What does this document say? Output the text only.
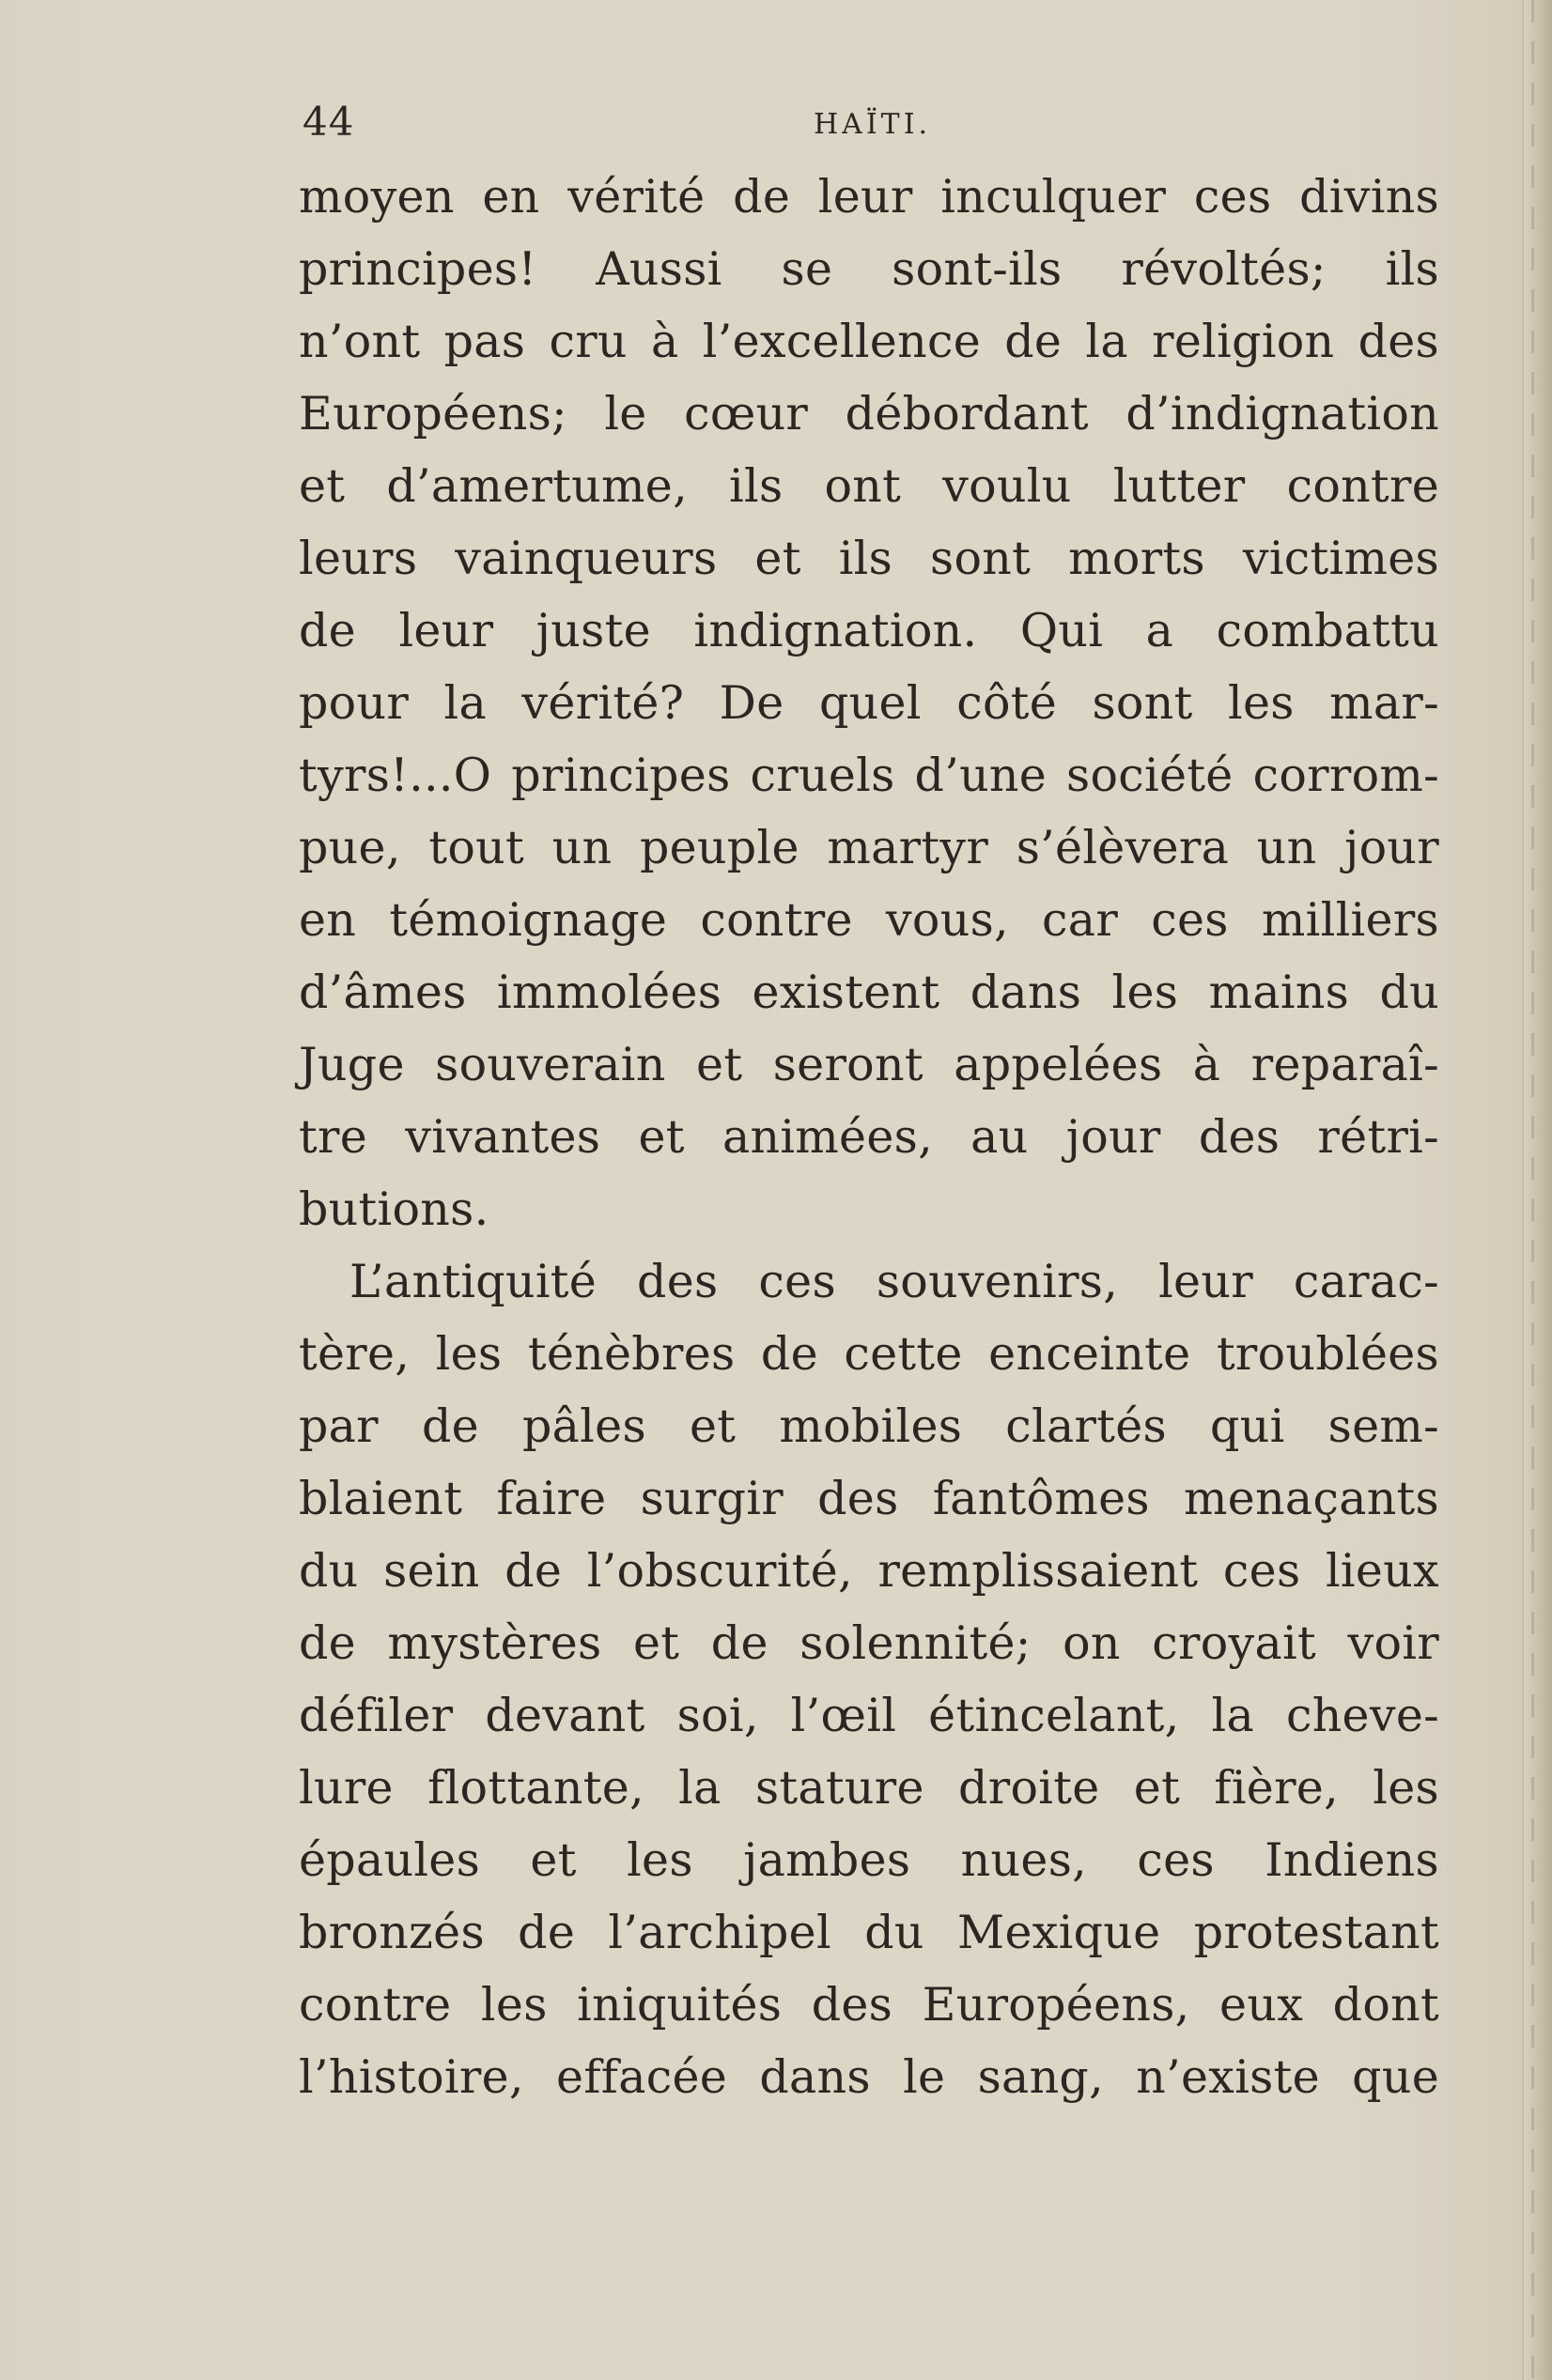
44	HAÏTI.
moyen en vérité de leur inculquer ces divins
principes! Aussi se sont-ils révoltés; ils
n’ont pas cru à l’excellence de la religion des
Européens; le cœur débordant d’indignation
et d’amertume, ils ont voulu lutter contre
leurs vainqueurs et ils sont morts victimes
de leur juste indignation. Qui a combattu
pour la vérité? De quel côté sont les mar-
tyrs!...O principes cruels d’une société corrom-
pue, tout un peuple martyr s’élèvera un jour
en témoignage contre vous, car ces milliers
d’âmes immolées existent dans les mains du
Juge souverain et seront appelées à reparaî-
tre vivantes et animées, au jour des rétri-
butions.
L’antiquité des ces souvenirs, leur carac-
tère, les ténèbres de cette enceinte troublées
par de pâles et mobiles clartés qui sem-
blaient faire surgir des fantômes menaçants
du sein de l’obscurité, remplissaient ces lieux
de mystères et de solennité; on croyait voir
défiler devant soi, l’œil étincelant, la cheve-
lure flottante, la stature droite et fière, les
épaules et les jambes nues, ces Indiens
bronzés de l’archipel du Mexique protestant
contre les iniquités des Européens, eux dont
l’histoire, effacée dans le sang, n’existe que
